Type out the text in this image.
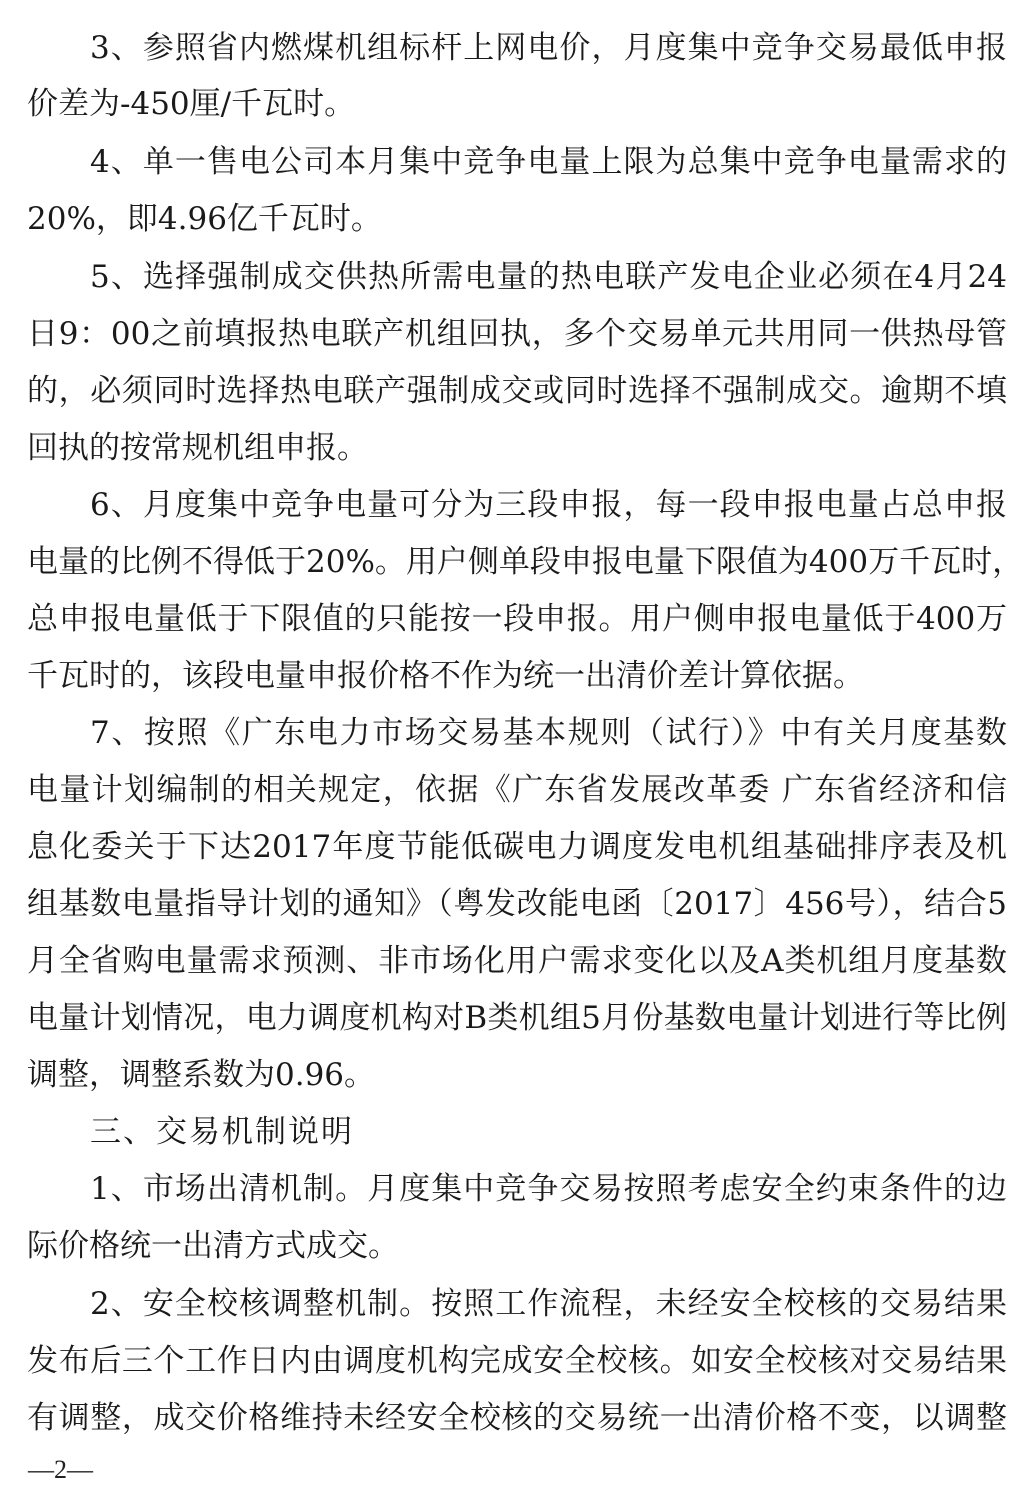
3、参照省内燃煤机组标杆上网电价，月度集中竞争交易最低申报
价差为-450厘/千瓦时。
4、单一售电公司本月集中竞争电量上限为总集中竞争电量需求的
20%，即4.96亿千瓦时。
5、选择强制成交供热所需电量的热电联产发电企业必须在4月24
日9：00之前填报热电联产机组回执，多个交易单元共用同一供热母管
的，必须同时选择热电联产强制成交或同时选择不强制成交。逾期不填
回执的按常规机组申报。
6、月度集中竞争电量可分为三段申报，每一段申报电量占总申报
电量的比例不得低于20%。用户侧单段申报电量下限值为400万千瓦时，
总申报电量低于下限值的只能按一段申报。用户侧申报电量低于400万
千瓦时的，该段电量申报价格不作为统一出清价差计算依据。
7、按照《广东电力市场交易基本规则（试行）》中有关月度基数
电量计划编制的相关规定，依据《广东省发展改革委 广东省经济和信
息化委关于下达2017年度节能低碳电力调度发电机组基础排序表及机
组基数电量指导计划的通知》（粤发改能电函〔2017〕456号），结合5
月全省购电量需求预测、非市场化用户需求变化以及A类机组月度基数
电量计划情况，电力调度机构对B类机组5月份基数电量计划进行等比例
调整，调整系数为0.96。
三、交易机制说明
1、市场出清机制。月度集中竞争交易按照考虑安全约束条件的边
际价格统一出清方式成交。
2、安全校核调整机制。按照工作流程，未经安全校核的交易结果
发布后三个工作日内由调度机构完成安全校核。如安全校核对交易结果
有调整，成交价格维持未经安全校核的交易统一出清价格不变，以调整
—2—
